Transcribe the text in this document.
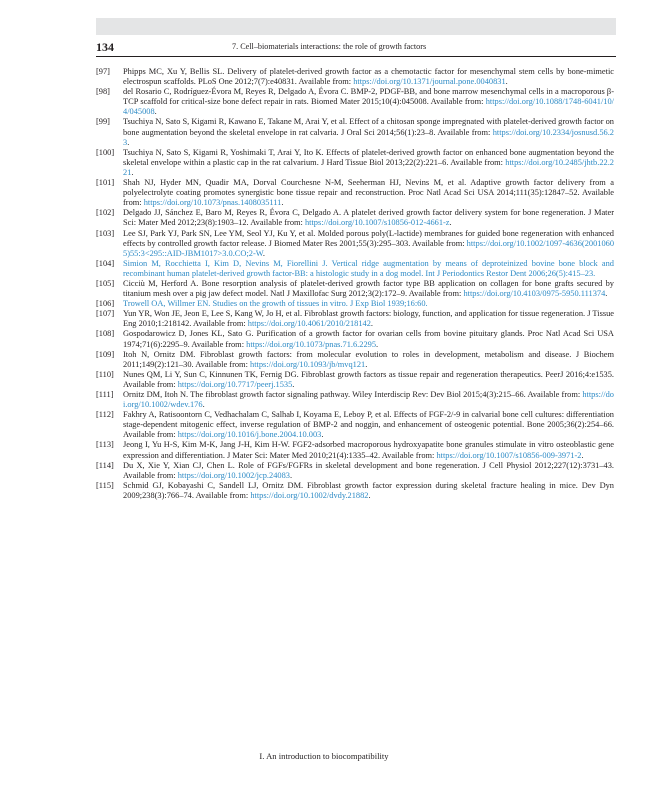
134	7. Cell–biomaterials interactions: the role of growth factors
[97]	Phipps MC, Xu Y, Bellis SL. Delivery of platelet-derived growth factor as a chemotactic factor for mesenchymal stem cells by bone-mimetic electrospun scaffolds. PLoS One 2012;7(7):e40831. Available from: https://doi.org/10.1371/journal.pone.0040831.
[98]	del Rosario C, Rodríguez-Évora M, Reyes R, Delgado A, Évora C. BMP-2, PDGF-BB, and bone marrow mesenchymal cells in a macroporous β-TCP scaffold for critical-size bone defect repair in rats. Biomed Mater 2015;10(4):045008. Available from: https://doi.org/10.1088/1748-6041/10/4/045008.
[99]	Tsuchiya N, Sato S, Kigami R, Kawano E, Takane M, Arai Y, et al. Effect of a chitosan sponge impregnated with platelet-derived growth factor on bone augmentation beyond the skeletal envelope in rat calvaria. J Oral Sci 2014;56(1):23–8. Available from: https://doi.org/10.2334/josnusd.56.23.
[100]	Tsuchiya N, Sato S, Kigami R, Yoshimaki T, Arai Y, Ito K. Effects of platelet-derived growth factor on enhanced bone augmentation beyond the skeletal envelope within a plastic cap in the rat calvarium. J Hard Tissue Biol 2013;22(2):221–6. Available from: https://doi.org/10.2485/jhtb.22.221.
[101]	Shah NJ, Hyder MN, Quadir MA, Dorval Courchesne N-M, Seeherman HJ, Nevins M, et al. Adaptive growth factor delivery from a polyelectrolyte coating promotes synergistic bone tissue repair and reconstruction. Proc Natl Acad Sci USA 2014;111(35):12847–52. Available from: https://doi.org/10.1073/pnas.1408035111.
[102]	Delgado JJ, Sánchez E, Baro M, Reyes R, Évora C, Delgado A. A platelet derived growth factor delivery system for bone regeneration. J Mater Sci: Mater Med 2012;23(8):1903–12. Available from: https://doi.org/10.1007/s10856-012-4661-z.
[103]	Lee SJ, Park YJ, Park SN, Lee YM, Seol YJ, Ku Y, et al. Molded porous poly(L-lactide) membranes for guided bone regeneration with enhanced effects by controlled growth factor release. J Biomed Mater Res 2001;55(3):295–303. Available from: https://doi.org/10.1002/1097-4636(20010605)55:3<295::AID-JBM1017>3.0.CO;2-W.
[104]	Simion M, Rocchietta I, Kim D, Nevins M, Fiorellini J. Vertical ridge augmentation by means of deproteinized bovine bone block and recombinant human platelet-derived growth factor-BB: a histologic study in a dog model. Int J Periodontics Restor Dent 2006;26(5):415–23.
[105]	Cicciù M, Herford A. Bone resorption analysis of platelet-derived growth factor type BB application on collagen for bone grafts secured by titanium mesh over a pig jaw defect model. Natl J Maxillofac Surg 2012;3(2):172–9. Available from: https://doi.org/10.4103/0975-5950.111374.
[106]	Trowell OA, Willmer EN. Studies on the growth of tissues in vitro. J Exp Biol 1939;16:60.
[107]	Yun YR, Won JE, Jeon E, Lee S, Kang W, Jo H, et al. Fibroblast growth factors: biology, function, and application for tissue regeneration. J Tissue Eng 2010;1:218142. Available from: https://doi.org/10.4061/2010/218142.
[108]	Gospodarowicz D, Jones KL, Sato G. Purification of a growth factor for ovarian cells from bovine pituitary glands. Proc Natl Acad Sci USA 1974;71(6):2295–9. Available from: https://doi.org/10.1073/pnas.71.6.2295.
[109]	Itoh N, Ornitz DM. Fibroblast growth factors: from molecular evolution to roles in development, metabolism and disease. J Biochem 2011;149(2):121–30. Available from: https://doi.org/10.1093/jb/mvq121.
[110]	Nunes QM, Li Y, Sun C, Kinnunen TK, Fernig DG. Fibroblast growth factors as tissue repair and regeneration therapeutics. PeerJ 2016;4:e1535. Available from: https://doi.org/10.7717/peerj.1535.
[111]	Ornitz DM, Itoh N. The fibroblast growth factor signaling pathway. Wiley Interdiscip Rev: Dev Biol 2015;4(3):215–66. Available from: https://doi.org/10.1002/wdev.176.
[112]	Fakhry A, Ratisoontorn C, Vedhachalam C, Salhab I, Koyama E, Leboy P, et al. Effects of FGF-2/-9 in calvarial bone cell cultures: differentiation stage-dependent mitogenic effect, inverse regulation of BMP-2 and noggin, and enhancement of osteogenic potential. Bone 2005;36(2):254–66. Available from: https://doi.org/10.1016/j.bone.2004.10.003.
[113]	Jeong I, Yu H-S, Kim M-K, Jang J-H, Kim H-W. FGF2-adsorbed macroporous hydroxyapatite bone granules stimulate in vitro osteoblastic gene expression and differentiation. J Mater Sci: Mater Med 2010;21(4):1335–42. Available from: https://doi.org/10.1007/s10856-009-3971-2.
[114]	Du X, Xie Y, Xian CJ, Chen L. Role of FGFs/FGFRs in skeletal development and bone regeneration. J Cell Physiol 2012;227(12):3731–43. Available from: https://doi.org/10.1002/jcp.24083.
[115]	Schmid GJ, Kobayashi C, Sandell LJ, Ornitz DM. Fibroblast growth factor expression during skeletal fracture healing in mice. Dev Dyn 2009;238(3):766–74. Available from: https://doi.org/10.1002/dvdy.21882.
I. An introduction to biocompatibility
